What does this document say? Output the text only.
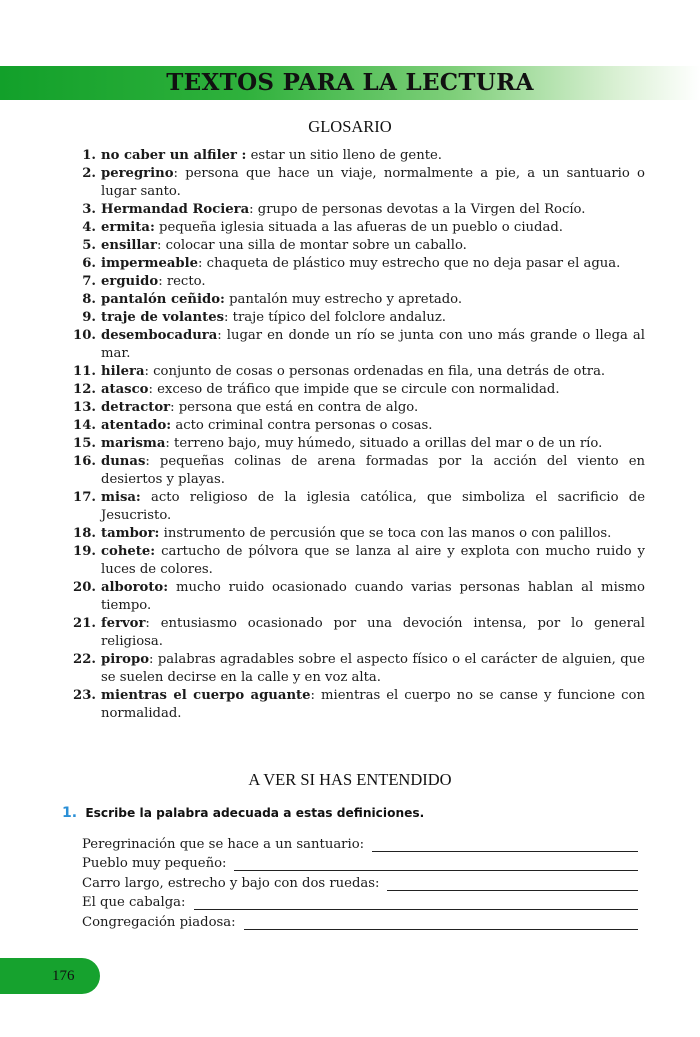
TEXTOS PARA LA LECTURA
GLOSARIO
1. no caber un alfiler : estar un sitio lleno de gente.
2. peregrino: persona que hace un viaje, normalmente a pie, a un santuario o lugar santo.
3. Hermandad Rociera: grupo de personas devotas a la Virgen del Rocío.
4. ermita: pequeña iglesia situada a las afueras de un pueblo o ciudad.
5. ensillar: colocar una silla de montar sobre un caballo.
6. impermeable: chaqueta de plástico muy estrecho que no deja pasar el agua.
7. erguido: recto.
8. pantalón ceñido: pantalón muy estrecho y apretado.
9. traje de volantes: traje típico del folclore andaluz.
10. desembocadura: lugar en donde un río se junta con uno más grande o llega al mar.
11. hilera: conjunto de cosas o personas ordenadas en fila, una detrás de otra.
12. atasco: exceso de tráfico que impide que se circule con normalidad.
13. detractor: persona que está en contra de algo.
14. atentado: acto criminal contra personas o cosas.
15. marisma: terreno bajo, muy húmedo, situado a orillas del mar o de un río.
16. dunas: pequeñas colinas de arena formadas por la acción del viento en desiertos y playas.
17. misa: acto religioso de la iglesia católica, que simboliza el sacrificio de Jesucristo.
18. tambor: instrumento de percusión que se toca con las manos o con palillos.
19. cohete: cartucho de pólvora que se lanza al aire y explota con mucho ruido y luces de colores.
20. alboroto: mucho ruido ocasionado cuando varias personas hablan al mismo tiempo.
21. fervor: entusiasmo ocasionado por una devoción intensa, por lo general religiosa.
22. piropo: palabras agradables sobre el aspecto físico o el carácter de alguien, que se suelen decirse en la calle y en voz alta.
23. mientras el cuerpo aguante: mientras el cuerpo no se canse y funcione con normalidad.
A VER SI HAS ENTENDIDO
1. Escribe la palabra adecuada a estas definiciones.
Peregrinación que se hace a un santuario:
Pueblo muy pequeño:
Carro largo, estrecho y bajo con dos ruedas:
El que cabalga:
Congregación piadosa:
176
